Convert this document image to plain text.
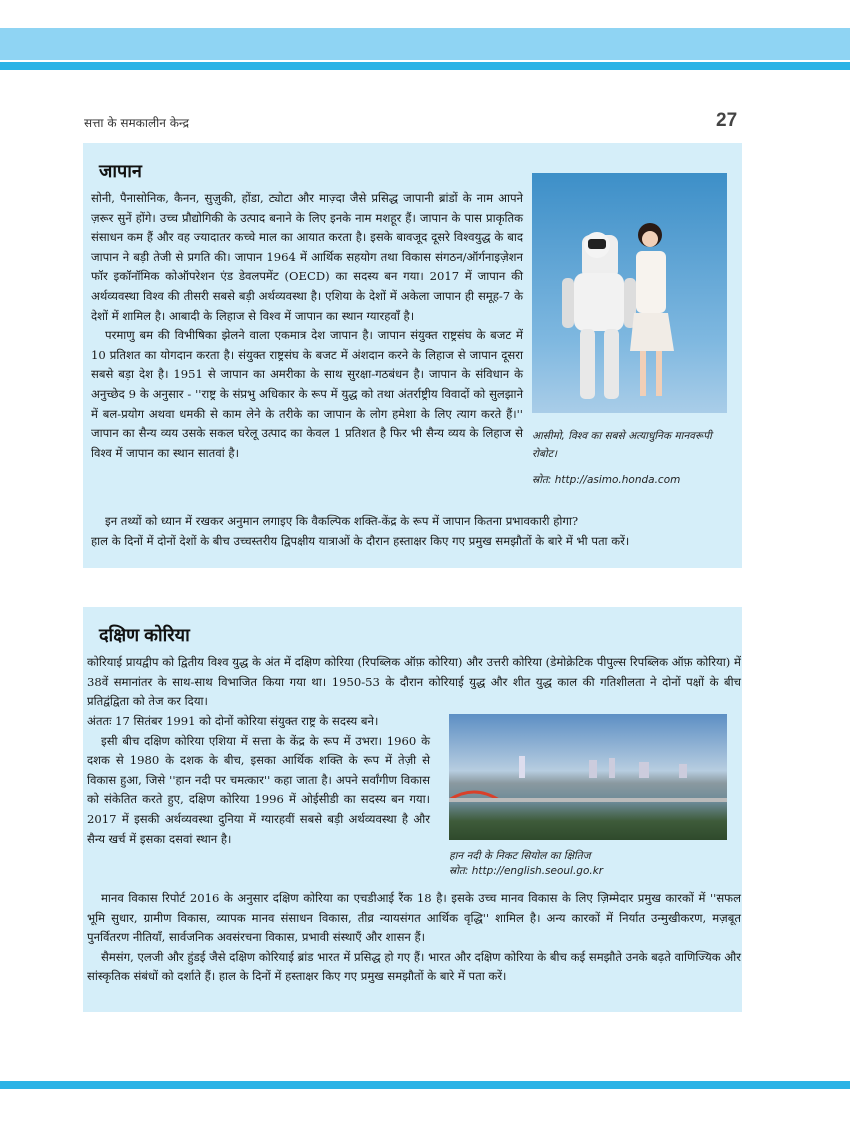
सत्ता के समकालीन केन्द्र	27
जापान

सोनी, पैनासोनिक, कैनन, सुज़ुकी, होंडा, ट्योटा और माज़्दा जैसे प्रसिद्ध जापानी ब्रांडों के नाम आपने ज़रूर सुनें होंगे। उच्च प्रौद्योगिकी के उत्पाद बनाने के लिए इनके नाम मशहूर हैं। जापान के पास प्राकृतिक संसाधन कम हैं और वह ज्यादातर कच्चे माल का आयात करता है। इसके बावजूद दूसरे विश्वयुद्ध के बाद जापान ने बड़ी तेजी से प्रगति की। जापान 1964 में आर्थिक सहयोग तथा विकास संगठन/ऑर्गनाइज़ेशन फॉर इकॉनॉमिक कोऑपरेशन एंड डेवलपमेंट (OECD) का सदस्य बन गया। 2017 में जापान की अर्थव्यवस्था विश्व की तीसरी सबसे बड़ी अर्थव्यवस्था है। एशिया के देशों में अकेला जापान ही समूह-7 के देशों में शामिल है। आबादी के लिहाज से विश्व में जापान का स्थान ग्यारहवाँ है।

परमाणु बम की विभीषिका झेलने वाला एकमात्र देश जापान है। जापान संयुक्त राष्ट्रसंघ के बजट में 10 प्रतिशत का योगदान करता है। संयुक्त राष्ट्रसंघ के बजट में अंशदान करने के लिहाज से जापान दूसरा सबसे बड़ा देश है। 1951 से जापान का अमरीका के साथ सुरक्षा-गठबंधन है। जापान के संविधान के अनुच्छेद 9 के अनुसार - ''राष्ट्र के संप्रभु अधिकार के रूप में युद्ध को तथा अंतर्राष्ट्रीय विवादों को सुलझाने में बल-प्रयोग अथवा धमकी से काम लेने के तरीके का जापान के लोग हमेशा के लिए त्याग करते हैं।'' जापान का सैन्य व्यय उसके सकल घरेलू उत्पाद का केवल 1 प्रतिशत है फिर भी सैन्य व्यय के लिहाज से विश्व में जापान का स्थान सातवां है।

इन तथ्यों को ध्यान में रखकर अनुमान लगाइए कि वैकल्पिक शक्ति-केंद्र के रूप में जापान कितना प्रभावकारी होगा?

हाल के दिनों में दोनों देशों के बीच उच्चस्तरीय द्विपक्षीय यात्राओं के दौरान हस्ताक्षर किए गए प्रमुख समझौतों के बारे में भी पता करें।

आसीमो, विश्व का सबसे अत्याधुनिक मानवरूपी रोबोट।
स्रोत: http://asimo.honda.com
दक्षिण कोरिया
कोरियाई प्रायद्वीप को द्वितीय विश्व युद्ध के अंत में दक्षिण कोरिया (रिपब्लिक ऑफ़ कोरिया) और उत्तरी कोरिया (डेमोक्रेटिक पीपुल्स रिपब्लिक ऑफ़ कोरिया) में 38वें समानांतर के साथ-साथ विभाजित किया गया था। 1950-53 के दौरान कोरियाई युद्ध और शीत युद्ध काल की गतिशीलता ने दोनों पक्षों के बीच प्रतिद्वंद्विता को तेज कर दिया।

अंततः 17 सितंबर 1991 को दोनों कोरिया संयुक्त राष्ट्र के सदस्य बने।

इसी बीच दक्षिण कोरिया एशिया में सत्ता के केंद्र के रूप में उभरा। 1960 के दशक से 1980 के दशक के बीच, इसका आर्थिक शक्ति के रूप में तेज़ी से विकास हुआ, जिसे ''हान नदी पर चमत्कार'' कहा जाता है। अपने सर्वांगीण विकास को संकेतित करते हुए, दक्षिण कोरिया 1996 में ओईसीडी का सदस्य बन गया। 2017 में इसकी अर्थव्यवस्था दुनिया में ग्यारहवीं सबसे बड़ी अर्थव्यवस्था है और सैन्य खर्च में इसका दसवां स्थान है।

मानव विकास रिपोर्ट 2016 के अनुसार दक्षिण कोरिया का एचडीआई रैंक 18 है। इसके उच्च मानव विकास के लिए ज़िम्मेदार प्रमुख कारकों में ''सफल भूमि सुधार, ग्रामीण विकास, व्यापक मानव संसाधन विकास, तीव्र न्यायसंगत आर्थिक वृद्धि'' शामिल है। अन्य कारकों में निर्यात उन्मुखीकरण, मज़बूत पुनर्वितरण नीतियाँ, सार्वजनिक अवसंरचना विकास, प्रभावी संस्थाएँ और शासन हैं।

सैमसंग, एलजी और हुंडई जैसे दक्षिण कोरियाई ब्रांड भारत में प्रसिद्ध हो गए हैं। भारत और दक्षिण कोरिया के बीच कई समझौते उनके बढ़ते वाणिज्यिक और सांस्कृतिक संबंधों को दर्शाते हैं। हाल के दिनों में हस्ताक्षर किए गए प्रमुख समझौतों के बारे में पता करें।

हान नदी के निकट सियोल का क्षितिज
स्रोत: http://english.seoul.go.kr
